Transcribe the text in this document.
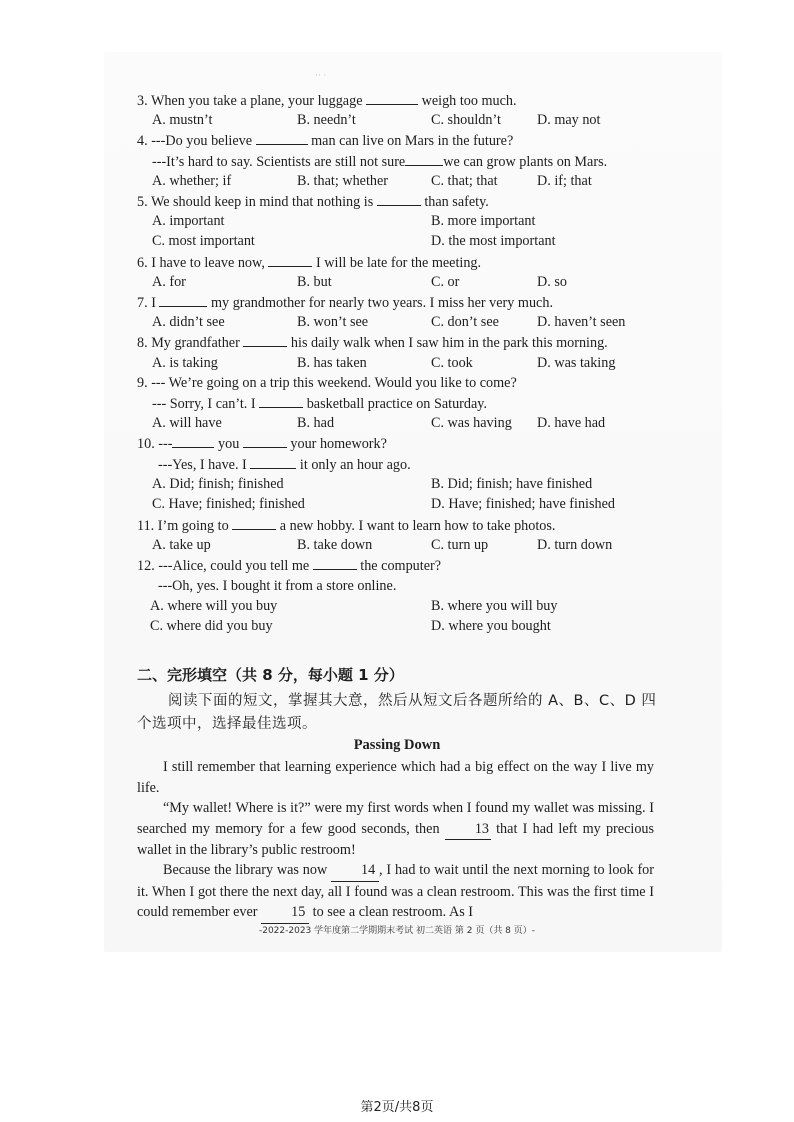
·· ·
3. When you take a plane, your luggage	weigh too much.
A. mustn’t	B. needn’t	C. shouldn’t	D. may not
4. ---Do you believe	man can live on Mars in the future?
---It’s hard to say. Scientists are still not sure	we can grow plants on Mars.
A. whether; if	B. that; whether	C. that; that	D. if; that
5. We should keep in mind that nothing is	than safety.
A. important	B. more important
C. most important	D. the most important
6. I have to leave now,	I will be late for the meeting.
A. for	B. but	C. or	D. so
7. I	my grandmother for nearly two years. I miss her very much.
A. didn’t see	B. won’t see	C. don’t see	D. haven’t seen
8. My grandfather	his daily walk when I saw him in the park this morning.
A. is taking	B. has taken	C. took	D. was taking
9. --- We’re going on a trip this weekend. Would you like to come?
--- Sorry, I can’t. I	basketball practice on Saturday.
A. will have	B. had	C. was having D. have had
10. ---	you	your homework?
---Yes, I have. I	it only an hour ago.
A. Did; finish; finished	B. Did; finish; have finished
C. Have; finished; finished	D. Have; finished; have finished
11. I’m going to	a new hobby. I want to learn how to take photos.
A. take up	B. take down	C. turn up	D. turn down
12. ---Alice, could you tell me	the computer?
---Oh, yes. I bought it from a store online.
A. where will you buy	B. where you will buy
C. where did you buy	D. where you bought
二、完形填空（共 8 分，每小题 1 分）
阅读下面的短文，掌握其大意，然后从短文后各题所给的 A、B、C、D 四
个选项中，选择最佳选项。
Passing Down
I still remember that learning experience which had a big effect on the way I live my life.
“My wallet! Where is it?” were my first words when I found my wallet was missing. I searched my memory for a few good seconds, then 13 that I had left my precious wallet in the library’s public restroom!
Because the library was now 14 , I had to wait until the next morning to look for it. When I got there the next day, all I found was a clean restroom. This was the first time I could remember ever 15 to see a clean restroom. As I
-2022-2023 学年度第二学期期末考试 初二英语 第 2 页（共 8 页）-
第2页/共8页
